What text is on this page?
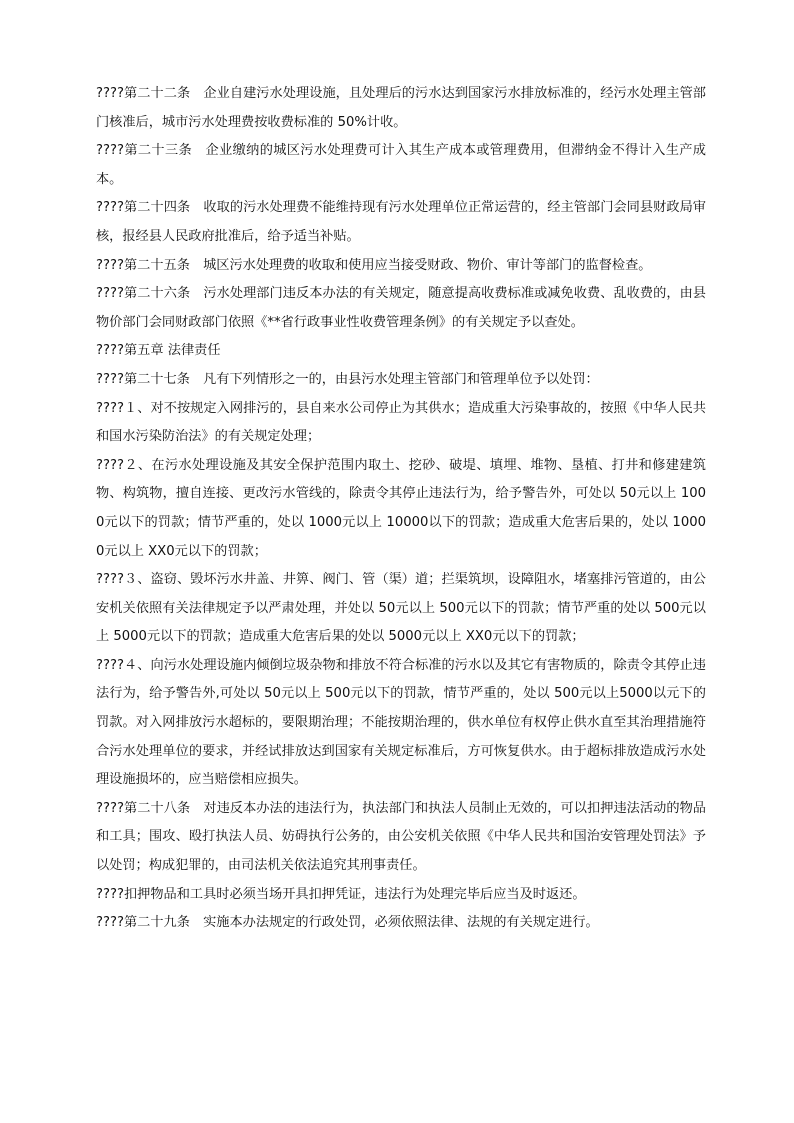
????第二十二条　企业自建污水处理设施，且处理后的污水达到国家污水排放标准的，经污水处理主管部门核准后，城市污水处理费按收费标准的 50%计收。

????第二十三条　企业缴纳的城区污水处理费可计入其生产成本或管理费用，但滞纳金不得计入生产成本。

????第二十四条　收取的污水处理费不能维持现有污水处理单位正常运营的，经主管部门会同县财政局审核，报经县人民政府批准后，给予适当补贴。

????第二十五条　城区污水处理费的收取和使用应当接受财政、物价、审计等部门的监督检查。

????第二十六条　污水处理部门违反本办法的有关规定，随意提高收费标准或减免收费、乱收费的，由县物价部门会同财政部门依照《**省行政事业性收费管理条例》的有关规定予以查处。

????第五章 法律责任

????第二十七条　凡有下列情形之一的，由县污水处理主管部门和管理单位予以处罚：

????１、对不按规定入网排污的，县自来水公司停止为其供水；造成重大污染事故的，按照《中华人民共和国水污染防治法》的有关规定处理；

????２、在污水处理设施及其安全保护范围内取土、挖砂、破堤、填埋、堆物、垦植、打井和修建建筑物、构筑物，擅自连接、更改污水管线的，除责令其停止违法行为，给予警告外，可处以 50元以上 1000元以下的罚款；情节严重的，处以 1000元以上 10000以下的罚款；造成重大危害后果的，处以 10000元以上 XX0元以下的罚款；

????３、盗窃、毁坏污水井盖、井箅、阀门、管（渠）道；拦渠筑坝，设障阻水，堵塞排污管道的，由公安机关依照有关法律规定予以严肃处理，并处以 50元以上 500元以下的罚款；情节严重的处以 500元以上 5000元以下的罚款；造成重大危害后果的处以 5000元以上 XX0元以下的罚款；

????４、向污水处理设施内倾倒垃圾杂物和排放不符合标准的污水以及其它有害物质的，除责令其停止违法行为，给予警告外,可处以 50元以上 500元以下的罚款，情节严重的，处以 500元以上5000以元下的罚款。对入网排放污水超标的，要限期治理；不能按期治理的，供水单位有权停止供水直至其治理措施符合污水处理单位的要求，并经试排放达到国家有关规定标准后，方可恢复供水。由于超标排放造成污水处理设施损坏的，应当赔偿相应损失。

????第二十八条　对违反本办法的违法行为，执法部门和执法人员制止无效的，可以扣押违法活动的物品和工具；围攻、殴打执法人员、妨碍执行公务的，由公安机关依照《中华人民共和国治安管理处罚法》予以处罚；构成犯罪的，由司法机关依法追究其刑事责任。

????扣押物品和工具时必须当场开具扣押凭证，违法行为处理完毕后应当及时返还。

????第二十九条　实施本办法规定的行政处罚，必须依照法律、法规的有关规定进行。
